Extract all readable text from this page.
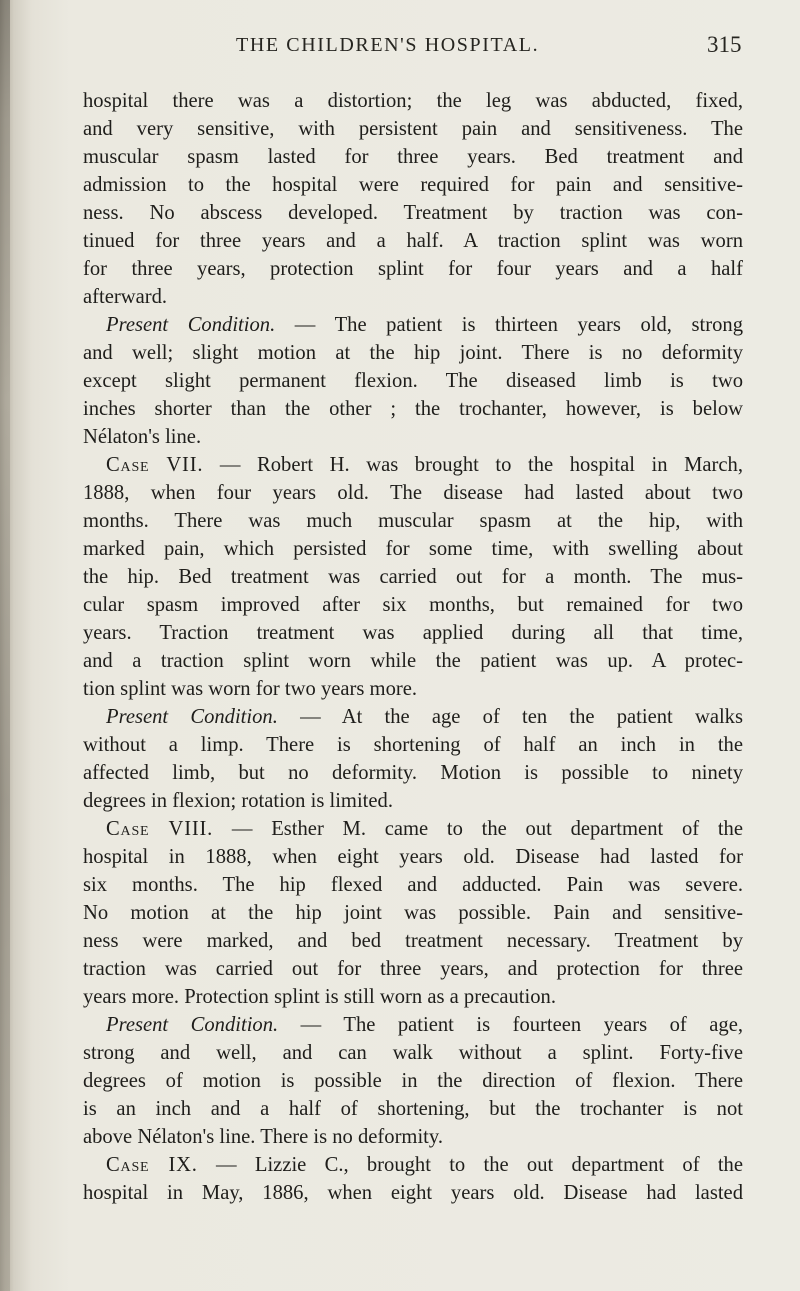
THE CHILDREN'S HOSPITAL.	315
hospital there was a distortion; the leg was abducted, fixed,
and very sensitive, with persistent pain and sensitiveness. The
muscular spasm lasted for three years. Bed treatment and
admission to the hospital were required for pain and sensitive-
ness. No abscess developed. Treatment by traction was con-
tinued for three years and a half. A traction splint was worn
for three years, protection splint for four years and a half
afterward.
Present Condition. — The patient is thirteen years old, strong
and well; slight motion at the hip joint. There is no deformity
except slight permanent flexion. The diseased limb is two
inches shorter than the other ; the trochanter, however, is below
Nélaton's line.
Case VII. — Robert H. was brought to the hospital in March,
1888, when four years old. The disease had lasted about two
months. There was much muscular spasm at the hip, with
marked pain, which persisted for some time, with swelling about
the hip. Bed treatment was carried out for a month. The mus-
cular spasm improved after six months, but remained for two
years. Traction treatment was applied during all that time,
and a traction splint worn while the patient was up. A protec-
tion splint was worn for two years more.
Present Condition. — At the age of ten the patient walks
without a limp. There is shortening of half an inch in the
affected limb, but no deformity. Motion is possible to ninety
degrees in flexion; rotation is limited.
Case VIII. — Esther M. came to the out department of the
hospital in 1888, when eight years old. Disease had lasted for
six months. The hip flexed and adducted. Pain was severe.
No motion at the hip joint was possible. Pain and sensitive-
ness were marked, and bed treatment necessary. Treatment by
traction was carried out for three years, and protection for three
years more. Protection splint is still worn as a precaution.
Present Condition. — The patient is fourteen years of age,
strong and well, and can walk without a splint. Forty-five
degrees of motion is possible in the direction of flexion. There
is an inch and a half of shortening, but the trochanter is not
above Nélaton's line. There is no deformity.
Case IX. — Lizzie C., brought to the out department of the
hospital in May, 1886, when eight years old. Disease had lasted
